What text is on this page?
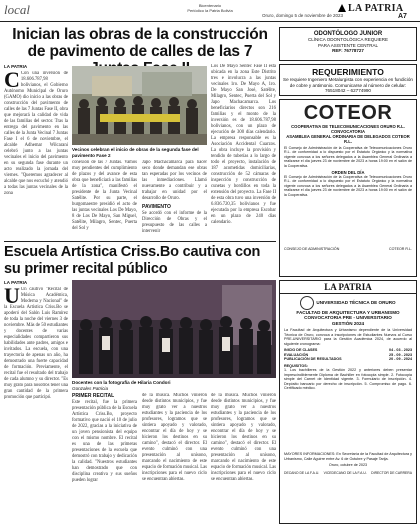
local	Bicentenario
Periódico la Patria Bolivia
Oruro, domingo 5 de noviembre de 2023
LA PATRIA
A7
Inician las obras de la construcción de pavimento de calles de las 7
LA PATRIA
C Con una inversión de 18.606.787,98 bolivianos, el Gobierno Autónomo Municipal de Oruro (GAMO) dio inicio a las obras de construcción del pavimento de calles de las 7 Juntas Fase II, obra que mejorará la calidad de vida de las familias del sector. Tras la entrega del pavimento en las calles de la Junta Vecinal 7 Juntas Fase I el 6 de noviembre, el alcalde Adhemar Wilcarani celebró junto a las juntas vecinales el inicio del pavimento en su segunda fase durante un acto realizado la jornada del viernes. "Queremos agradecer al alcalde que nos escuchó y atendió a todas las juntas vecinales de la zona
Vecinos celebran el inicio de obras de la segunda fase del pavimento Fase 2
conexión de las 7 Juntas. Vamos muy pendientes del cumplimiento de plazos y del avance de esta obra que beneficiará a las familias de la zona", manifestó el presidente de la Junta Vecinal Satélite. Por su parte, el burgomaestre presidió el acto de las juntas vecinales Los De Mayo, 8 de Los De Mayo, San Miguel, Satélite, Milagro, Sentec, Puerta del Sol y
Japo Machacamarca para hacer seco donde demandan ese obras tan esperadas por los vecinos de las inmediaciones. Llamó nuevamente a contribuir y a trabajar en unidad por el desarrollo de Oruro.
PAVIMENTO
Se acordó con el informe de la Dirección de Obras y el presupuesto de las calles a intervenir
Los De Mayo Sentec Fase II está ubicada en la zona Este Distrito tres e involucra a las juntas vecinales 1ro. De Mayo A, 1ro. De Mayo San José, Satélite, Milagro, Sentec, Puerta del Sol y Japo Machacamarca. Los beneficiarios directos son 216 familias y el monto de la inversión es de 18.606.787,98 bolivianos, con un plazo de ejecución de 300 días calendario. La empresa responsable es la Asociación Accidental Cuarzos. La obra incluye la provisión y tendido de tuberías a lo largo de todo el proyecto, instalación de 187 acometidas domiciliarias, construcción de 52 cámaras de inspección y construcción de cunetas y bordillos en toda la extensión del proyecto. La Fase II de esta obra tuvo una inversión de 6.836.720,35 bolivianos y fue ejecutada por la empresa Escobar en un plazo de 240 días calendario.
Escuela Artística Criss.Bo cautiva con su primer recital público
LA PATRIA
U Un cautivo "Recital de Música Académica, Moderna y Nacional" de la Escuela Artística Criss.Bo se apoderó del Salón Luis Ramírez de toda la noche del viernes 3 de noviembre. Más de 50 estudiantes y docentes de varias especialidades compartieron sus habilidades ante padres, amigos e invitados. La escuela, con una trayectoria de apenas un año, ha demostrado una fuerte capacidad de formación. Previamente, el recital fue el resultado del trabajo de cada alumno y su director. "Es muy grato para nosotros tener una gran cantidad de la primera promoción que participó.
Docentes con la fotografía de Hilaria Condori
Gonzales Patricia
PRIMER RECITAL
Este recital, fue la primera presentación pública de la Escuela Artística Criss.Bo, proyecto formativo que nació el 10 de julio de 2022, gracias a la iniciativa de un joven pensionista del equipo con el mismo nombre. El recital es una de las primeras presentaciones de la escuela que demostró con trabajo y dedicación la calidad. "Nuestros estudiantes han demostrado que con disciplina creativa y sus sueños pueden lograr
de la música. Muchos vinieron desde distintos municipios, y fue muy grato ver a nuestros estudiantes y la paciencia de los profesores, logramos que se sintiera apoyado y valorado, encontrar el día de hoy y se hicieron los destinos en su camino", destacó el director. El evento culminó con una presentación al unísono, marcando el nacimiento de este espacio de formación musical. Las inscripciones para el nuevo ciclo se encuentran abiertas.
de la música. Muchos vinieron desde distintos municipios, y fue muy grato ver a nuestros estudiantes y la paciencia de los profesores, logramos que se sintiera apoyado y valorado, encontrar el día de hoy y se hicieron los destinos en su camino", destacó el director. El evento culminó con una presentación al unísono, marcando el nacimiento de este espacio de formación musical. Las inscripciones para el nuevo ciclo se encuentran abiertas.
ODONTÓLOGO JUNIOR
CLÍNICA ODONTOLÓGICA REQUIERE
PARA ASISTENTE CENTRAL
REF: 76778727
REQUERIMIENTO
Se requiere Ingeniero Metalurgista con experiencia en fundición de cobre y antimonio. Comunicarse al número de celular: 76518042 – 62774990
COTEOR
COOPERATIVA DE TELECOMUNICACIONES ORURO R.L.
CONVOCATORIA
ASAMBLEA GENERAL ORDINARIA DE DELEGADOS COTEOR R.L.
El Consejo de Administración de la Cooperativa de Telecomunicaciones Oruro R.L. de conformidad a lo dispuesto por el Estatuto Orgánico y la normativa vigente convoca a los señores delegados a la Asamblea General Ordinaria a realizarse el día jueves 23 de noviembre de 2023 a horas 19:00 en el salón de la Cooperativa.
ORDEN DEL DÍA
El Consejo de Administración de la Cooperativa de Telecomunicaciones Oruro R.L. de conformidad a lo dispuesto por el Estatuto Orgánico y la normativa vigente convoca a los señores delegados a la Asamblea General Ordinaria a realizarse el día jueves 23 de noviembre de 2023 a horas 19:00 en el salón de la Cooperativa.
CONSEJO DE ADMINISTRACIÓN	COTEOR R.L.
LA PATRIA
UNIVERSIDAD TÉCNICA DE ORURO
FACULTAD DE ARQUITECTURA Y URBANISMO
CONVOCATORIA PRE - UNIVERSITARIO
GESTIÓN 2024
La Facultad de Arquitectura y Urbanismo dependiente de la Universidad Técnica de Oruro, convoca a inscripciones de Estudiantes Nuevos al Curso PRE-UNIVERSITARIO para la Gestión Académica 2024, de acuerdo al siguiente cronograma:
INICIO DE CLASES	04 - 03 - 2023
EVALUACIÓN	25 - 09 - 2023
PUBLICACIÓN DE RESULTADOS	20 - 09 - 2024
REQUISITOS:
1. Los bachilleres de la Gestión 2022 y anteriores deben presentar imprescindiblemente Diploma de Bachiller en fotocopia simple. 2. Fotocopia simple del Carnet de Identidad vigente. 3. Formulario de inscripción. 4. Depósito bancario por derecho de inscripción. 5. Compromiso de pago. 6. Certificado médico.
MAYORES INFORMACIONES: En Secretaría de la Facultad de Arquitectura y Urbanismo, Calle Aguirre entre Av. 6 de Octubre y Pasaje Tarija.
Oruro, octubre de 2023
DECANO DE LA F.A.U. VICEDECANO DE LA F.A.U. DIRECTOR DE CARRERA
